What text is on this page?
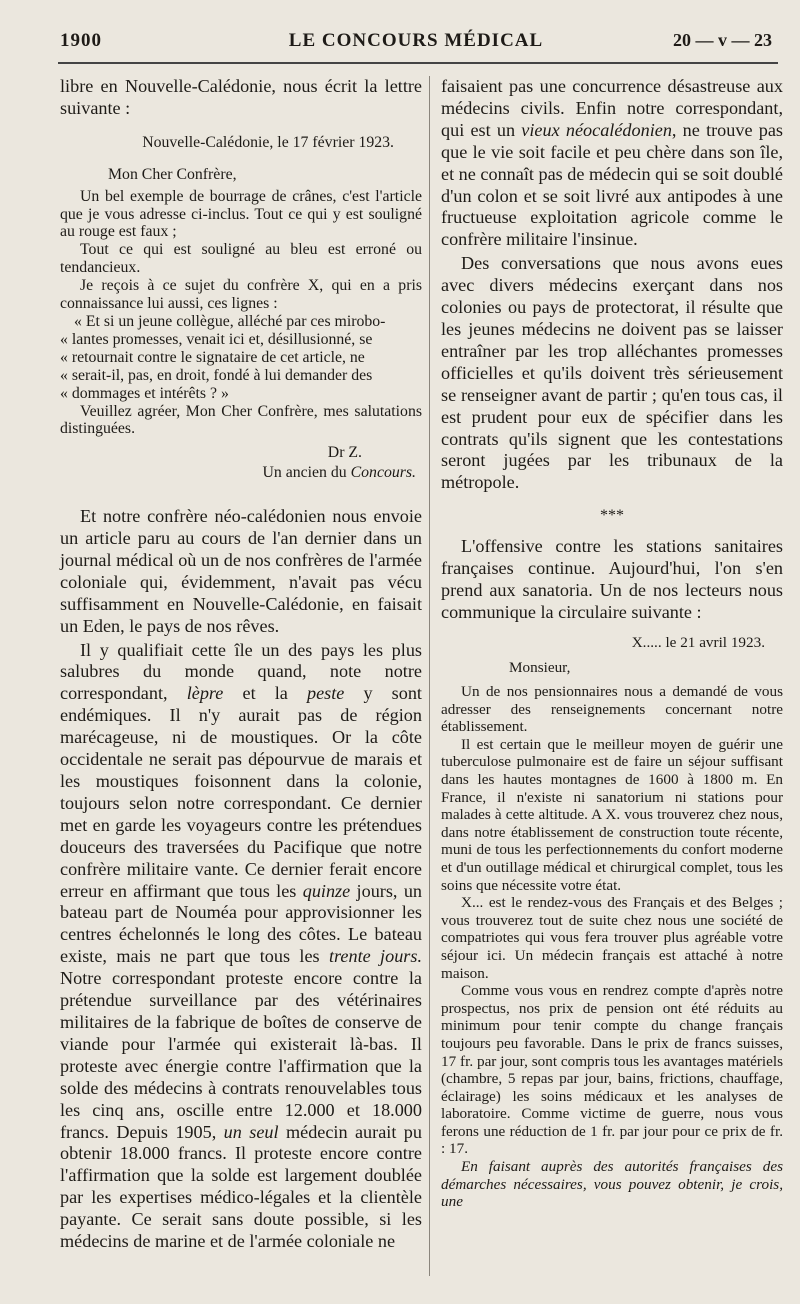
1900	LE CONCOURS MÉDICAL	20 — v — 23

libre en Nouvelle-Calédonie, nous écrit la lettre suivante :

Nouvelle-Calédonie, le 17 février 1923.

Mon Cher Confrère,

Un bel exemple de bourrage de crânes, c'est l'article que je vous adresse ci-inclus. Tout ce qui y est souligné au rouge est faux ;

Tout ce qui est souligné au bleu est erroné ou tendancieux.

Je reçois à ce sujet du confrère X, qui en a pris connaissance lui aussi, ces lignes :

« Et si un jeune collègue, alléché par ces mirobo-

« lantes promesses, venait ici et, désillusionné, se

« retournait contre le signataire de cet article, ne

« serait-il, pas, en droit, fondé à lui demander des

« dommages et intérêts ? »

Veuillez agréer, Mon Cher Confrère, mes salutations distinguées.

Dr Z.

Un ancien du Concours.

Et notre confrère néo-calédonien nous envoie un article paru au cours de l'an dernier dans un journal médical où un de nos confrères de l'armée coloniale qui, évidemment, n'avait pas vécu suffisamment en Nouvelle-Calédonie, en faisait un Eden, le pays de nos rêves.

Il y qualifiait cette île un des pays les plus salubres du monde quand, note notre correspondant, lèpre et la peste y sont endémiques. Il n'y aurait pas de région marécageuse, ni de moustiques. Or la côte occidentale ne serait pas dépourvue de marais et les moustiques foisonnent dans la colonie, toujours selon notre correspondant. Ce dernier met en garde les voyageurs contre les prétendues douceurs des traversées du Pacifique que notre confrère militaire vante. Ce dernier ferait encore erreur en affirmant que tous les quinze jours, un bateau part de Nouméa pour approvisionner les centres échelonnés le long des côtes. Le bateau existe, mais ne part que tous les trente jours. Notre correspondant proteste encore contre la prétendue surveillance par des vétérinaires militaires de la fabrique de boîtes de conserve de viande pour l'armée qui existerait là-bas. Il proteste avec énergie contre l'affirmation que la solde des médecins à contrats renouvelables tous les cinq ans, oscille entre 12.000 et 18.000 francs. Depuis 1905, un seul médecin aurait pu obtenir 18.000 francs. Il proteste encore contre l'affirmation que la solde est largement doublée par les expertises médico-légales et la clientèle payante. Ce serait sans doute possible, si les médecins de marine et de l'armée coloniale ne

faisaient pas une concurrence désastreuse aux médecins civils. Enfin notre correspondant, qui est un vieux néocalédonien, ne trouve pas que le vie soit facile et peu chère dans son île, et ne connaît pas de médecin qui se soit doublé d'un colon et se soit livré aux antipodes à une fructueuse exploitation agricole comme le confrère militaire l'insinue.

Des conversations que nous avons eues avec divers médecins exerçant dans nos colonies ou pays de protectorat, il résulte que les jeunes médecins ne doivent pas se laisser entraîner par les trop alléchantes promesses officielles et qu'ils doivent très sérieusement se renseigner avant de partir ; qu'en tous cas, il est prudent pour eux de spécifier dans les contrats qu'ils signent que les contestations seront jugées par les tribunaux de la métropole.

***

L'offensive contre les stations sanitaires françaises continue. Aujourd'hui, l'on s'en prend aux sanatoria. Un de nos lecteurs nous communique la circulaire suivante :

X..... le 21 avril 1923.

Monsieur,

Un de nos pensionnaires nous a demandé de vous adresser des renseignements concernant notre établissement.

Il est certain que le meilleur moyen de guérir une tuberculose pulmonaire est de faire un séjour suffisant dans les hautes montagnes de 1600 à 1800 m. En France, il n'existe ni sanatorium ni stations pour malades à cette altitude. A X. vous trouverez chez nous, dans notre établissement de construction toute récente, muni de tous les perfectionnements du confort moderne et d'un outillage médical et chirurgical complet, tous les soins que nécessite votre état.

X... est le rendez-vous des Français et des Belges ; vous trouverez tout de suite chez nous une société de compatriotes qui vous fera trouver plus agréable votre séjour ici. Un médecin français est attaché à notre maison.

Comme vous vous en rendrez compte d'après notre prospectus, nos prix de pension ont été réduits au minimum pour tenir compte du change français toujours peu favorable. Dans le prix de francs suisses, 17 fr. par jour, sont compris tous les avantages matériels (chambre, 5 repas par jour, bains, frictions, chauffage, éclairage) les soins médicaux et les analyses de laboratoire. Comme victime de guerre, nous vous ferons une réduction de 1 fr. par jour pour ce prix de fr. : 17.

En faisant auprès des autorités françaises des démarches nécessaires, vous pouvez obtenir, je crois, une
